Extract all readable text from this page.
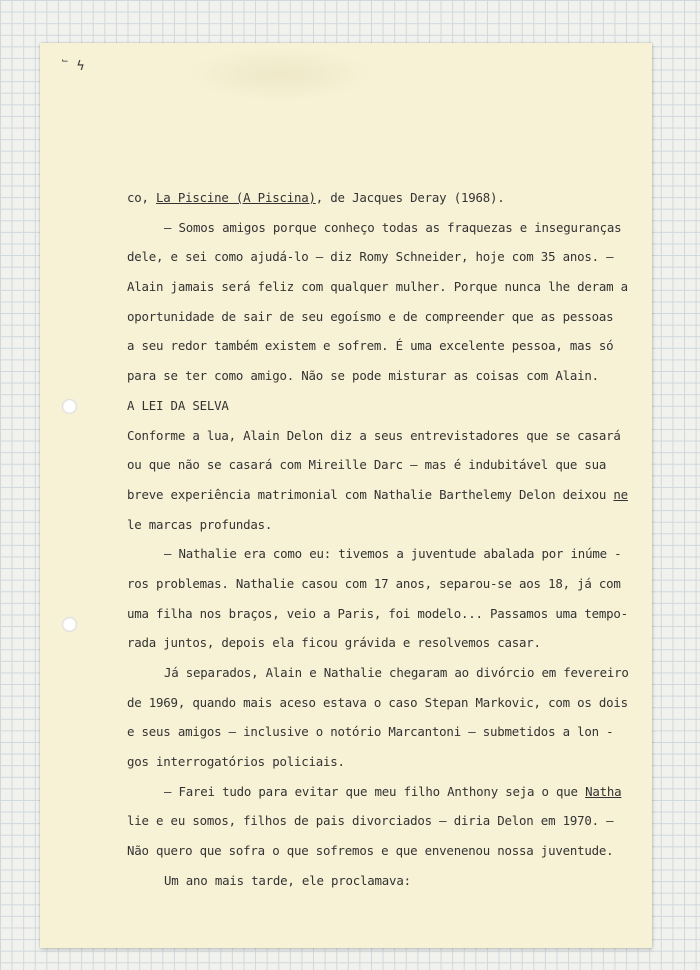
՟ ϟ
co, La Piscine (A Piscina), de Jacques Deray (1968).
— Somos amigos porque conheço todas as fraquezas e inseguranças
dele, e sei como ajudá-lo — diz Romy Schneider, hoje com 35 anos. —
Alain jamais será feliz com qualquer mulher. Porque nunca lhe deram a
oportunidade de sair de seu egoísmo e de compreender que as pessoas
a seu redor também existem e sofrem. É uma excelente pessoa, mas só
para se ter como amigo. Não se pode misturar as coisas com Alain.
A LEI DA SELVA
Conforme a lua, Alain Delon diz a seus entrevistadores que se casará
ou que não se casará com Mireille Darc — mas é indubitável que sua
breve experiência matrimonial com Nathalie Barthelemy Delon deixou ne
le marcas profundas.
— Nathalie era como eu: tivemos a juventude abalada por inúme -
ros problemas. Nathalie casou com 17 anos, separou-se aos 18, já com
uma filha nos braços, veio a Paris, foi modelo... Passamos uma tempo-
rada juntos, depois ela ficou grávida e resolvemos casar.
Já separados, Alain e Nathalie chegaram ao divórcio em fevereiro
de 1969, quando mais aceso estava o caso Stepan Markovic, com os dois
e seus amigos — inclusive o notório Marcantoni — submetidos a lon -
gos interrogatórios policiais.
— Farei tudo para evitar que meu filho Anthony seja o que Natha
lie e eu somos, filhos de pais divorciados — diria Delon em 1970. —
Não quero que sofra o que sofremos e que envenenou nossa juventude.
Um ano mais tarde, ele proclamava:
